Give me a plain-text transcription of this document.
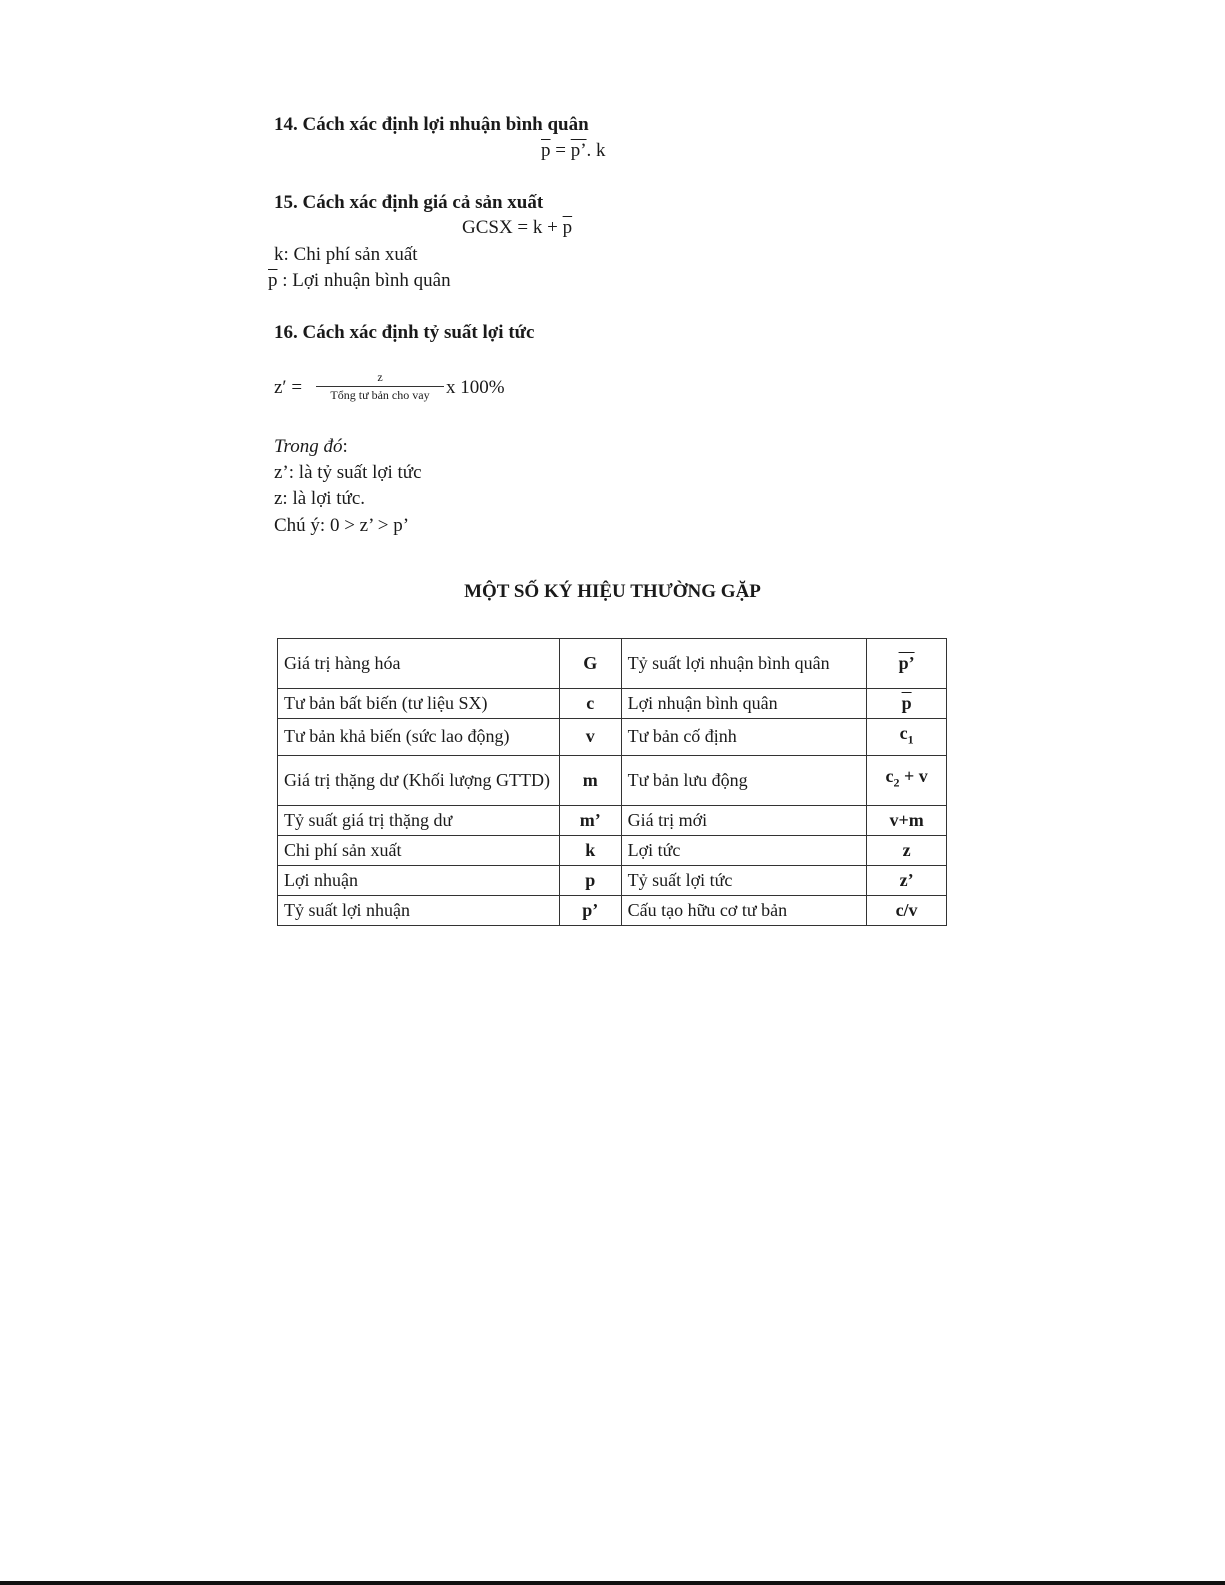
14. Cách xác định lợi nhuận bình quân
$\overline{p} = p$’. k
15. Cách xác định giá cả sản xuất
GCSX = $k + \overline{p}$
k: Chi phí sản xuất
$\overline{p}$ : Lợi nhuận bình quân
16. Cách xác định tỷ suất lợi tức
z′ =	z
Tổng tư bản cho vay x 100%
Trong đó:
z’: là tỷ suất lợi tức
z: là lợi tức.
Chú ý: 0 > z’ > p’
MỘT SỐ KÝ HIỆU THƯỜNG GẶP
Giá trị hàng hóa	G	Tỷ suất lợi nhuận bình quân	p’
Tư bản bất biến (tư liệu SX)	c	Lợi nhuận bình quân	$\overline{p}$
Tư bản khả biến (sức lao động)	v	Tư bản cố định	$c_1$
Giá trị thặng dư (Khối lượng GTTD)	m	Tư bản lưu động	$c_2 + v$
Tỷ suất giá trị thặng dư	m’	Giá trị mới	v+m
Chi phí sản xuất	k	Lợi tức	z
Lợi nhuận	p	Tỷ suất lợi tức	z’
Tỷ suất lợi nhuận	p’	Cấu tạo hữu cơ tư bản	c/v
